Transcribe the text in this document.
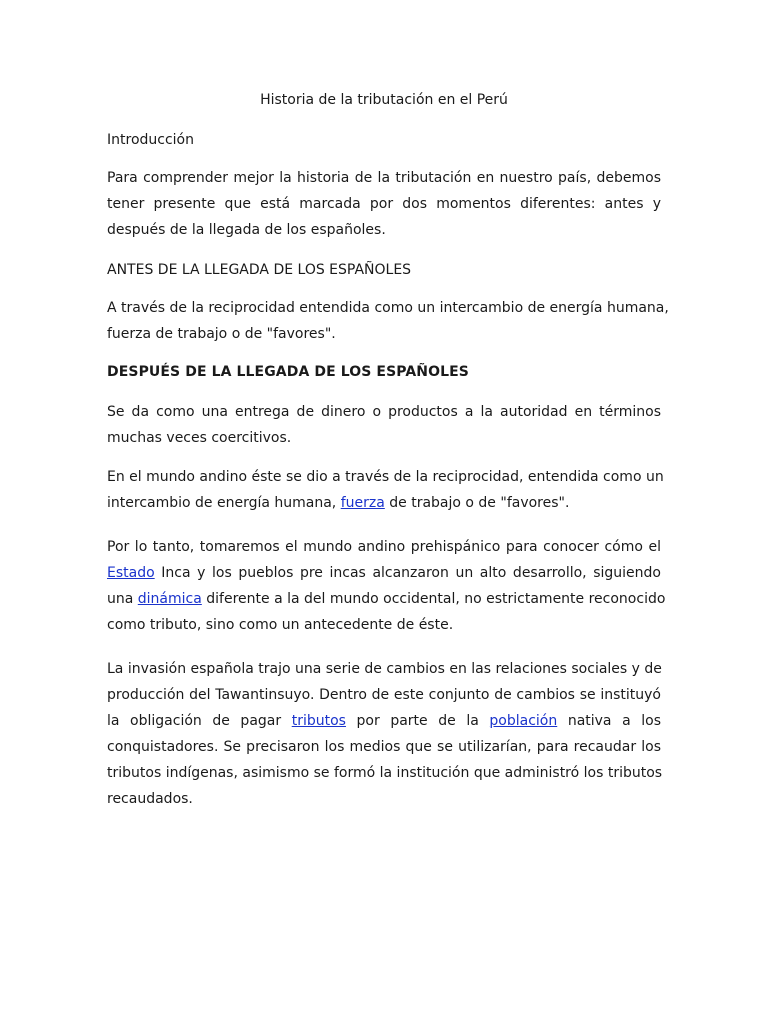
Historia de la tributación en el Perú
Introducción

Para comprender mejor la historia de la tributación en nuestro país, debemos
tener presente que está marcada por dos momentos diferentes: antes y
después de la llegada de los españoles.

ANTES DE LA LLEGADA DE LOS ESPAÑOLES

A través de la reciprocidad entendida como un intercambio de energía humana,
fuerza de trabajo o de "favores".

DESPUÉS DE LA LLEGADA DE LOS ESPAÑOLES

Se da como una entrega de dinero o productos a la autoridad en términos
muchas veces coercitivos.

En el mundo andino éste se dio a través de la reciprocidad, entendida como un
intercambio de energía humana, fuerza de trabajo o de "favores".

Por lo tanto, tomaremos el mundo andino prehispánico para conocer cómo el
Estado Inca y los pueblos pre incas alcanzaron un alto desarrollo, siguiendo
una dinámica diferente a la del mundo occidental, no estrictamente reconocido
como tributo, sino como un antecedente de éste.

La invasión española trajo una serie de cambios en las relaciones sociales y de
producción del Tawantinsuyo. Dentro de este conjunto de cambios se instituyó
la obligación de pagar tributos por parte de la población nativa a los
conquistadores. Se precisaron los medios que se utilizarían, para recaudar los
tributos indígenas, asimismo se formó la institución que administró los tributos
recaudados.
